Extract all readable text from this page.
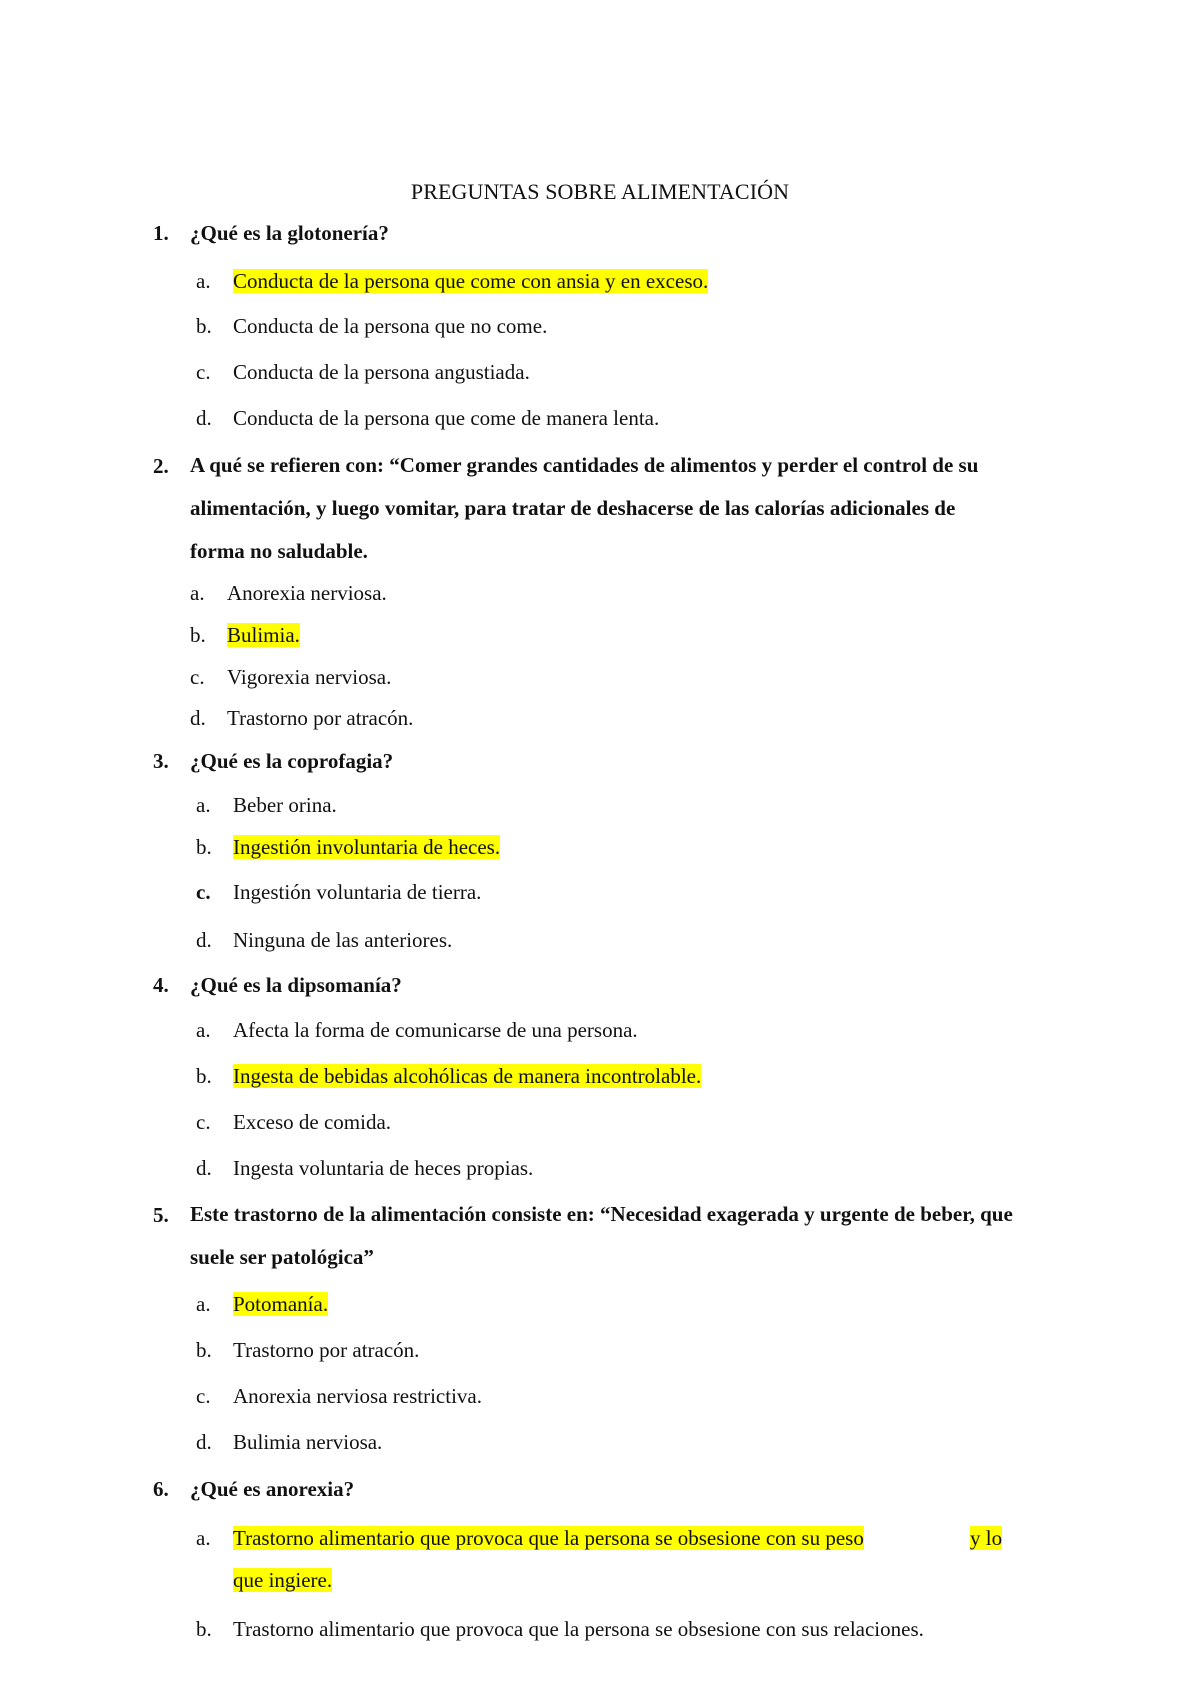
PREGUNTAS SOBRE ALIMENTACIÓN
1. ¿Qué es la glotonería?
a. Conducta de la persona que come con ansia y en exceso.
b. Conducta de la persona que no come.
c. Conducta de la persona angustiada.
d. Conducta de la persona que come de manera lenta.
2. A qué se refieren con: “Comer grandes cantidades de alimentos y perder el control de su alimentación, y luego vomitar, para tratar de deshacerse de las calorías adicionales de forma no saludable.
a. Anorexia nerviosa.
b. Bulimia.
c. Vigorexia nerviosa.
d. Trastorno por atracón.
3. ¿Qué es la coprofagia?
a. Beber orina.
b. Ingestión involuntaria de heces.
c. Ingestión voluntaria de tierra.
d. Ninguna de las anteriores.
4. ¿Qué es la dipsomanía?
a. Afecta la forma de comunicarse de una persona.
b. Ingesta de bebidas alcohólicas de manera incontrolable.
c. Exceso de comida.
d. Ingesta voluntaria de heces propias.
5. Este trastorno de la alimentación consiste en: “Necesidad exagerada y urgente de beber, que suele ser patológica”
a. Potomanía.
b. Trastorno por atracón.
c. Anorexia nerviosa restrictiva.
d. Bulimia nerviosa.
6. ¿Qué es anorexia?
a. Trastorno alimentario que provoca que la persona se obsesione con su peso	y lo
que ingiere.
b. Trastorno alimentario que provoca que la persona se obsesione con sus relaciones.
